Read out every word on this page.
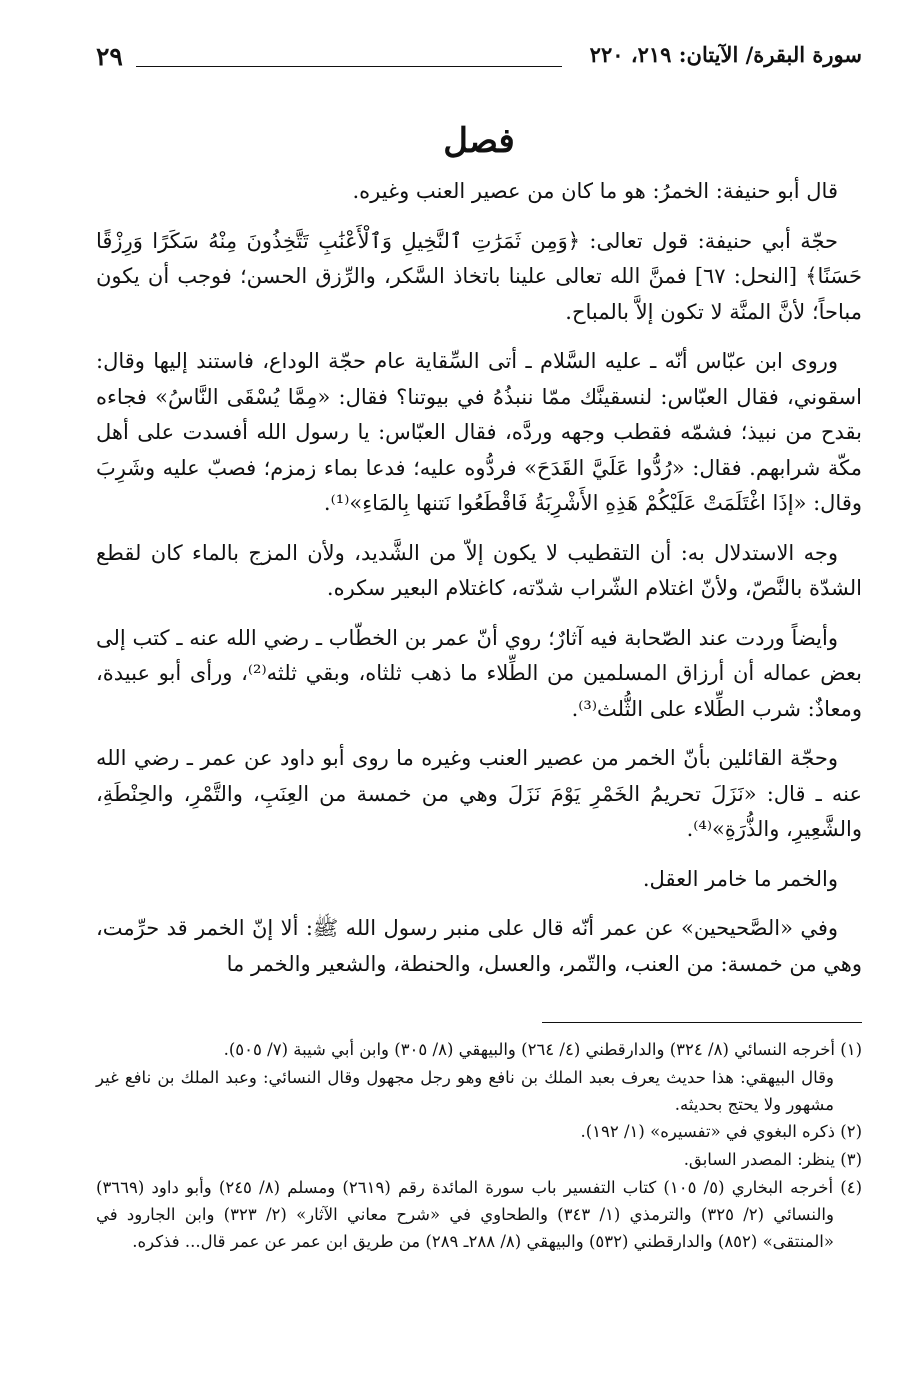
٢٩	سورة البقرة/ الآيتان: ٢١٩، ٢٢٠
فصل

قال أبو حنيفة: الخمرُ: هو ما كان من عصير العنب وغيره.

حجّة أبي حنيفة: قول تعالى: ﴿وَمِن ثَمَرَٰتِ ٱلنَّخِيلِ وَٱلْأَعْنَٰبِ تَتَّخِذُونَ مِنْهُ سَكَرًا وَرِزْقًا حَسَنًا﴾ [النحل: ٦٧] فمنَّ الله تعالى علينا باتخاذ السَّكر، والرِّزق الحسن؛ فوجب أن يكون مباحاً؛ لأنَّ المنَّة لا تكون إلاَّ بالمباح.

وروى ابن عبّاس أنّه ـ عليه السَّلام ـ أتى السِّقاية عام حجّة الوداع، فاستند إليها وقال: اسقوني، فقال العبّاس: لنسقينَّك ممّا ننبذُهُ في بيوتنا؟ فقال: «مِمَّا يُسْقَى النَّاسُ» فجاءه بقدح من نبيذ؛ فشمّه فقطب وجهه وردَّه، فقال العبّاس: يا رسول الله أفسدت على أهل مكّة شرابهم. فقال: «رُدُّوا عَلَيَّ القَدَحَ» فردُّوه عليه؛ فدعا بماء زمزم؛ فصبّ عليه وشَرِبَ وقال: «إذَا اغْتَلَمَتْ عَلَيْكُمْ هَذِهِ الأَشْرِبَةُ فَاقْطَعُوا نَتنها بِالمَاءِ»⁽¹⁾.

وجه الاستدلال به: أن التقطيب لا يكون إلاّ من الشَّديد، ولأن المزج بالماء كان لقطع الشدّة بالنَّصّ، ولأنّ اغتلام الشّراب شدّته، كاغتلام البعير سكره.

وأيضاً وردت عند الصّحابة فيه آثارٌ؛ روي أنّ عمر بن الخطّاب ـ رضي الله عنه ـ كتب إلى بعض عماله أن أرزاق المسلمين من الطِّلاء ما ذهب ثلثاه، وبقي ثلثه⁽²⁾، ورأى أبو عبيدة، ومعاذٌ: شرب الطِّلاء على الثُّلث⁽³⁾.

وحجّة القائلين بأنّ الخمر من عصير العنب وغيره ما روى أبو داود عن عمر ـ رضي الله عنه ـ قال: «نَزَلَ تحريمُ الخَمْرِ يَوْمَ نَزَلَ وهي من خمسة من العِنَبِ، والتَّمْرِ، والحِنْطَةِ، والشَّعِيرِ، والذُّرَةِ»⁽⁴⁾.

والخمر ما خامر العقل.

وفي «الصَّحيحين» عن عمر أنّه قال على منبر رسول الله ﷺ: ألا إنّ الخمر قد حرِّمت، وهي من خمسة: من العنب، والتّمر، والعسل، والحنطة، والشعير والخمر ما

(١) أخرجه النسائي (٨/ ٣٢٤) والدارقطني (٤/ ٢٦٤) والبيهقي (٨/ ٣٠٥) وابن أبي شيبة (٧/ ٥٠٥).

وقال البيهقي: هذا حديث يعرف بعبد الملك بن نافع وهو رجل مجهول وقال النسائي: وعبد الملك بن نافع غير مشهور ولا يحتج بحديثه.

(٢) ذكره البغوي في «تفسيره» (١/ ١٩٢).

(٣) ينظر: المصدر السابق.

(٤) أخرجه البخاري (٥/ ١٠٥) كتاب التفسير باب سورة المائدة رقم (٢٦١٩) ومسلم (٨/ ٢٤٥) وأبو داود (٣٦٦٩) والنسائي (٢/ ٣٢٥) والترمذي (١/ ٣٤٣) والطحاوي في «شرح معاني الآثار» (٢/ ٣٢٣) وابن الجارود في «المنتقى» (٨٥٢) والدارقطني (٥٣٢) والبيهقي (٨/ ٢٨٨ـ ٢٨٩) من طريق ابن عمر عن عمر قال... فذكره.
